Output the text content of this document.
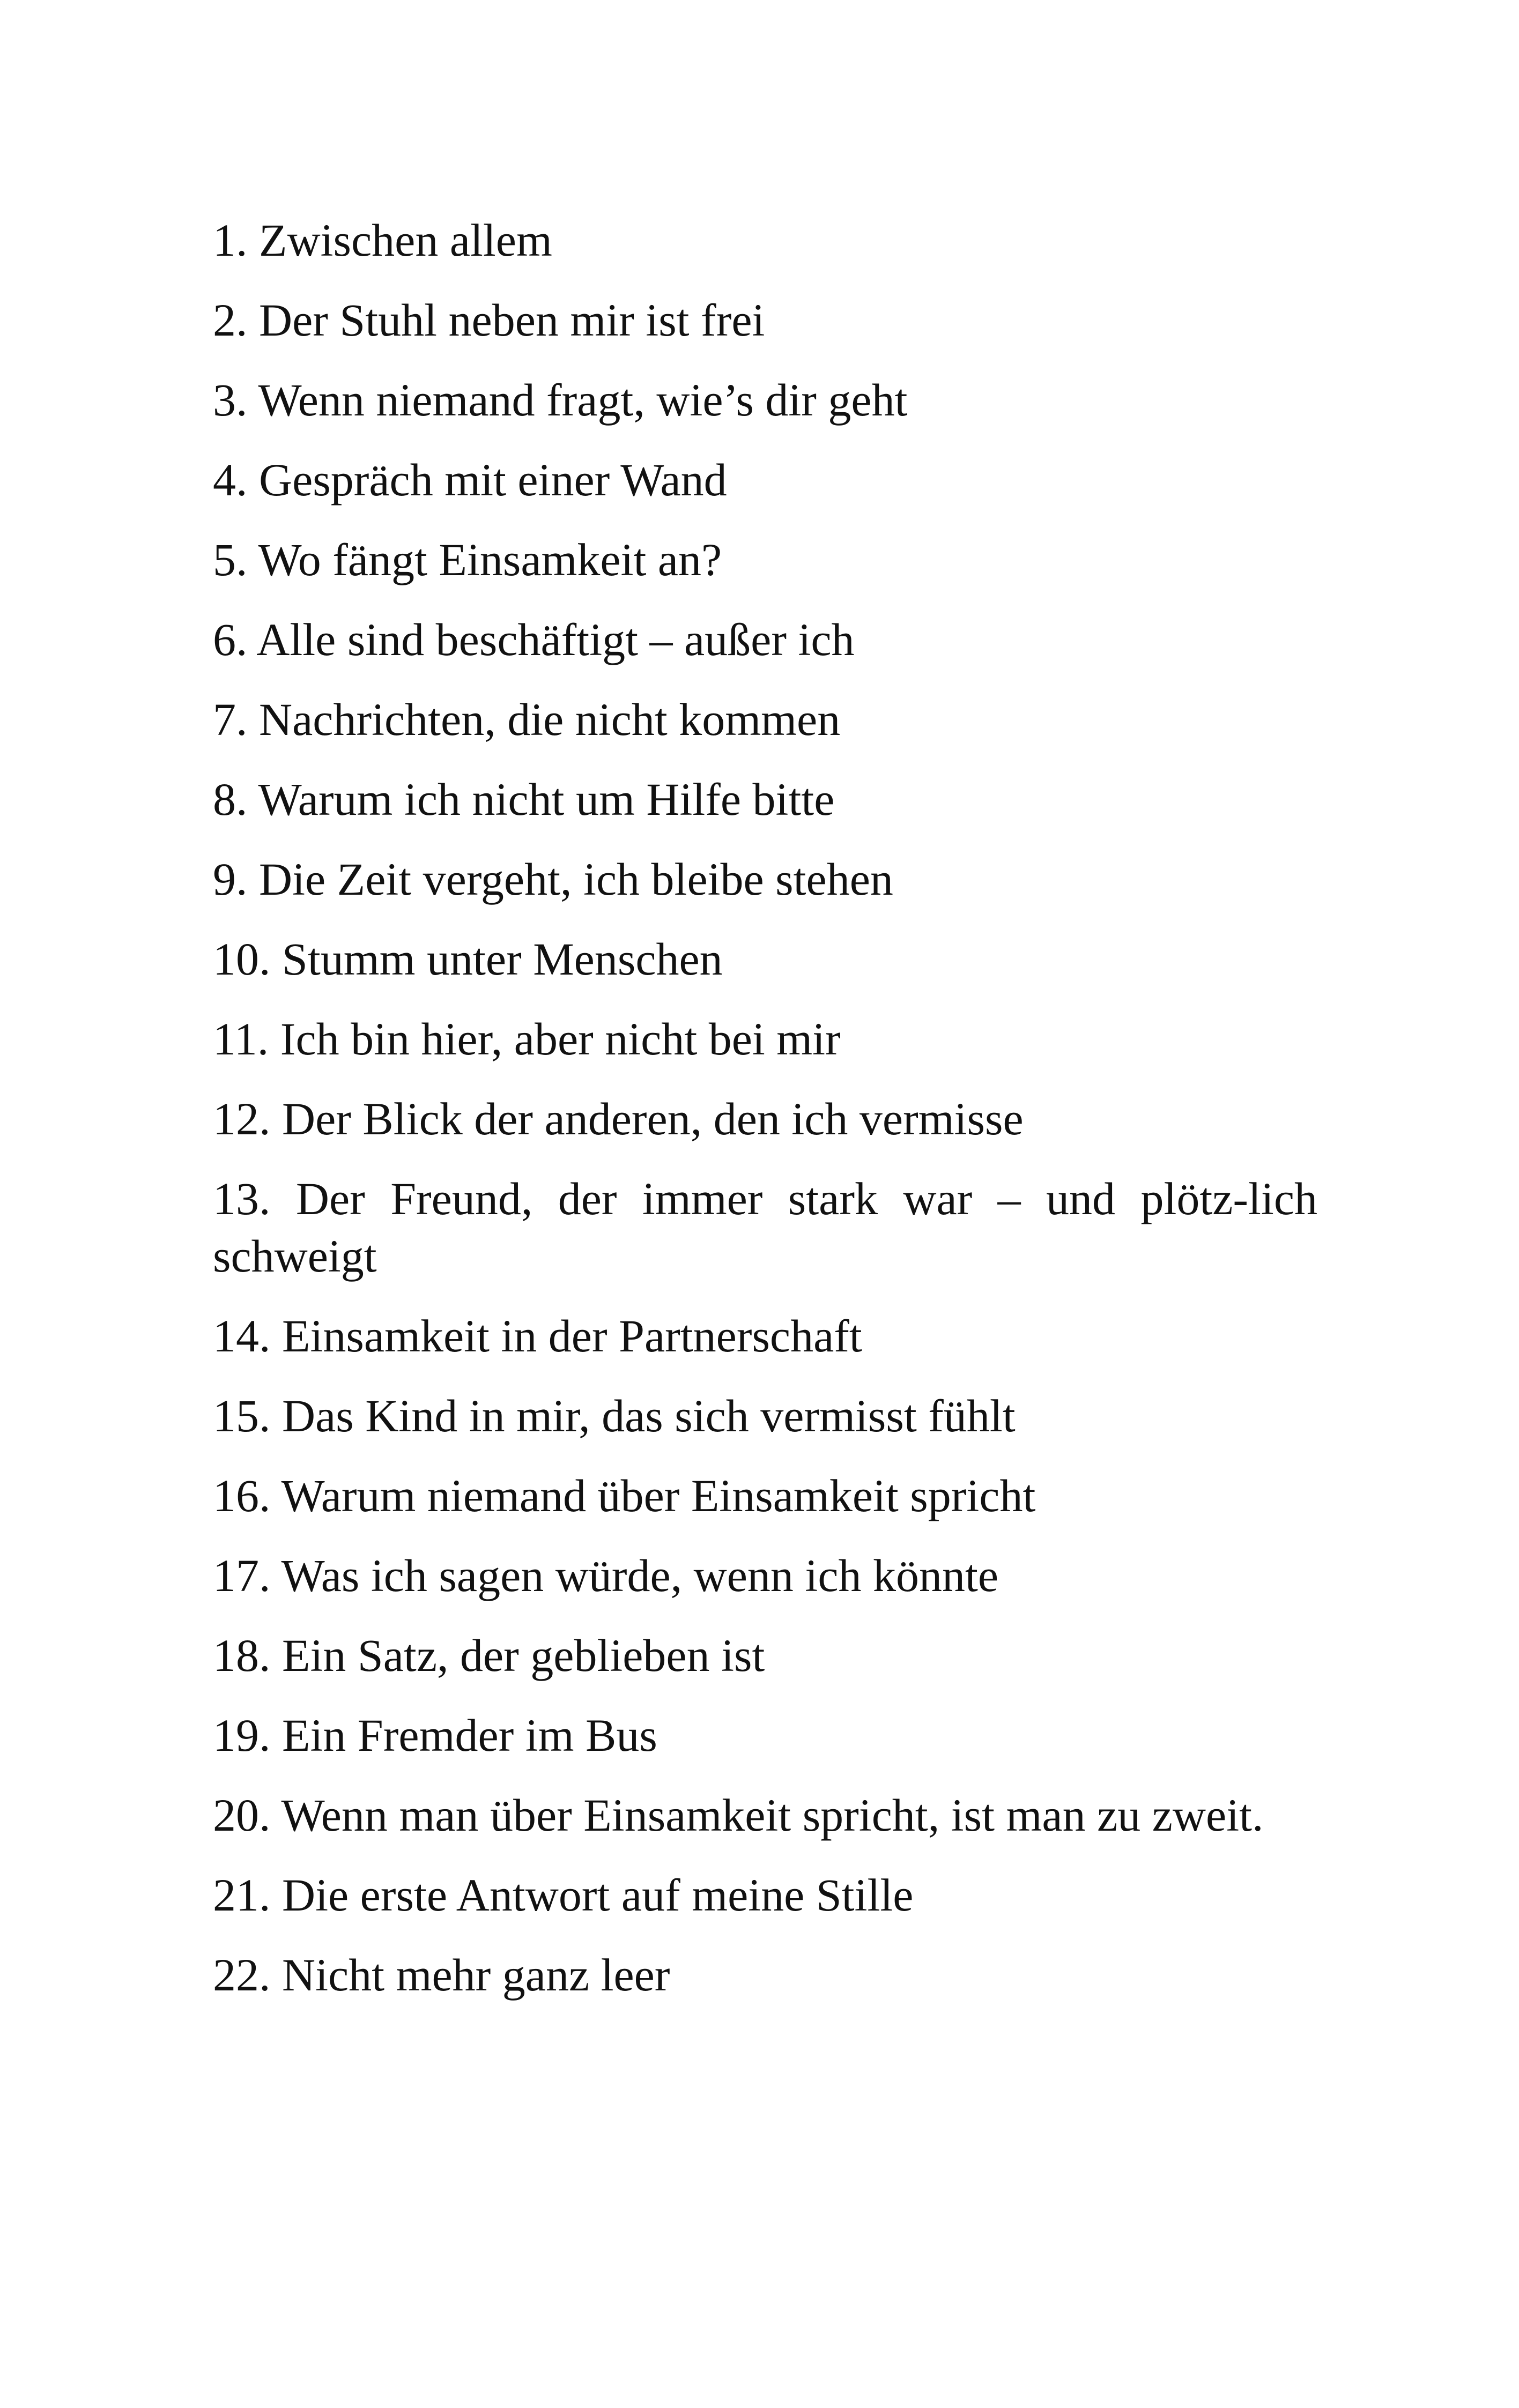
1. Zwischen allem
2. Der Stuhl neben mir ist frei
3. Wenn niemand fragt, wie’s dir geht
4. Gespräch mit einer Wand
5. Wo fängt Einsamkeit an?
6. Alle sind beschäftigt – außer ich
7. Nachrichten, die nicht kommen
8. Warum ich nicht um Hilfe bitte
9. Die Zeit vergeht, ich bleibe stehen
10. Stumm unter Menschen
11. Ich bin hier, aber nicht bei mir
12. Der Blick der anderen, den ich vermisse
13. Der Freund, der immer stark war – und plötz-lich schweigt
14. Einsamkeit in der Partnerschaft
15. Das Kind in mir, das sich vermisst fühlt
16. Warum niemand über Einsamkeit spricht
17. Was ich sagen würde, wenn ich könnte
18. Ein Satz, der geblieben ist
19. Ein Fremder im Bus
20. Wenn man über Einsamkeit spricht, ist man zu zweit.
21. Die erste Antwort auf meine Stille
22. Nicht mehr ganz leer
